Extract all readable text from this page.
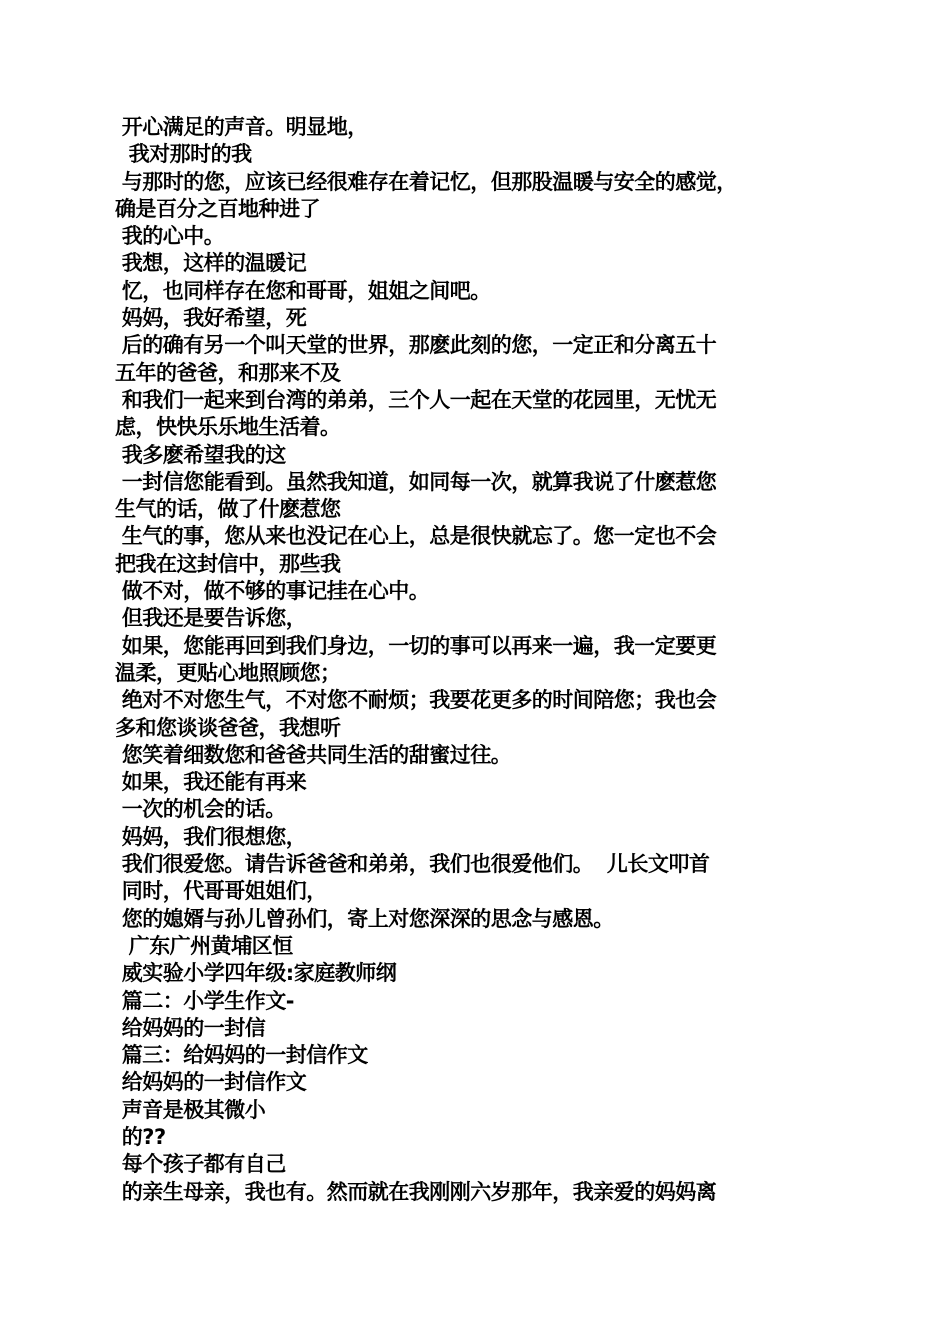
开心满足的声音。明显地，
我对那时的我
与那时的您，应该已经很难存在着记忆，但那股温暖与安全的感觉，
确是百分之百地种进了
我的心中。
我想，这样的温暖记
忆，也同样存在您和哥哥，姐姐之间吧。
妈妈，我好希望，死
后的确有另一个叫天堂的世界，那麽此刻的您，一定正和分离五十
五年的爸爸，和那来不及
和我们一起来到台湾的弟弟，三个人一起在天堂的花园里，无忧无
虑，快快乐乐地生活着。
我多麽希望我的这
一封信您能看到。虽然我知道，如同每一次，就算我说了什麽惹您
生气的话，做了什麽惹您
生气的事，您从来也没记在心上，总是很快就忘了。您一定也不会
把我在这封信中，那些我
做不对，做不够的事记挂在心中。
但我还是要告诉您，
如果，您能再回到我们身边，一切的事可以再来一遍，我一定要更
温柔，更贴心地照顾您；
绝对不对您生气，不对您不耐烦；我要花更多的时间陪您；我也会
多和您谈谈爸爸，我想听
您笑着细数您和爸爸共同生活的甜蜜过往。
如果，我还能有再来
一次的机会的话。
妈妈，我们很想您，
我们很爱您。请告诉爸爸和弟弟，我们也很爱他们。  儿长文叩首
同时，代哥哥姐姐们，
您的媳婿与孙儿曾孙们，寄上对您深深的思念与感恩。
广东广州黄埔区恒
威实验小学四年级:家庭教师纲
篇二：小学生作文-
给妈妈的一封信
篇三：给妈妈的一封信作文
给妈妈的一封信作文
声音是极其微小
的??
每个孩子都有自己
的亲生母亲，我也有。然而就在我刚刚六岁那年，我亲爱的妈妈离
